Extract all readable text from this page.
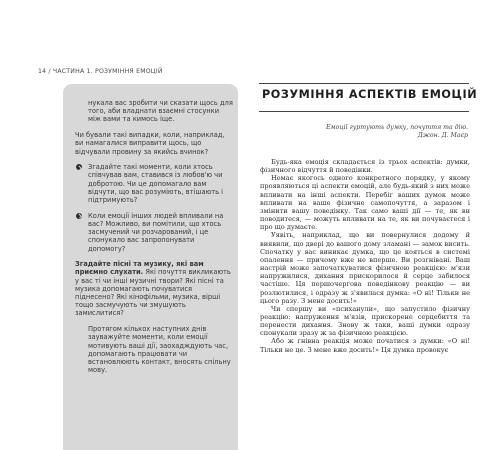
14 / ЧАСТИНА 1. РОЗУМІННЯ ЕМОЦІЙ
нукала вас зробити чи сказати щось для того, аби владнати взаємні стосунки між вами та кимось іще.
Чи бували такі випадки, коли, наприклад, ви намагалися виправити щось, що відчували провину за якийсь вчинок?
Згадайте такі моменти, коли хтось співчував вам, ставився із любов'ю чи добротою. Чи це допомагало вам відчути, що вас розуміють, втішають і підтримують?
Коли емоції інших людей впливали на вас? Можливо, ви помітили, що хтось засмучений чи розчарований, і це спонукало вас запропонувати допомогу?
Згадайте пісні та музику, які вам приємно слухати. Які почуття викликають у вас ті чи інші музичні твори? Які пісні та музика допомагають почуватися піднесено? Які кінофільми, музика, вірші тощо засмучують чи змушують замислитися?
Протягом кількох наступних днів зауважуйте моменти, коли емоції мотивують вашi дії, заохадждують час, допомагають працювати чи встановлюють контакт, вносять спільну мову.
РОЗУМІННЯ АСПЕКТІВ ЕМОЦІЙ
Емоції гуртують думку, почуття та дію.
Джон. Д. Маєр

Будь-яка емоція складається із трьох аспектів: думки, фізичного відчуття й поведінки.

Немає якогось одного конкретного порядку, у якому проявляються ці аспекти емоцій, але будь-який з них може впливати на інші аспекти. Перебіг ваших думок може впливати на ваше фізичне самопочуття, а заразом і змінити вашу поведінку. Так само ваші дії — те, як ви поводитеся, — можуть впливати на те, як ви почуваєтеся і про що думаєте.

Уявіть, наприклад, що ви повернулися додому й виявили, що двері до вашого дому зламані — замок висить. Спочатку у вас виникає думка, що це кояться в системі опалення — причому вже не вперше. Ви розгнівані. Ваш настрій може започаткуватися фізичною реакцією: м'язи напружилися, дихання прискорилося й серце забилося частіше. Ця першочергова поведінкову реакцію — ви розлютилися, і одразу ж з'явилася думка: «О ні! Тільки не цього разу. З мене досить!»

Чи спершу ви «психанули», що запустило фізичну реакцію: напруження м'язів, прискорене серцебиття та перенести дихання. Знову ж таки, вашi думки одразу спонукали зразу ж за фізичною реакцією.

Або ж гнівна реакція може початися з думки: «О ні! Тільки не це. З мене вже досить!» Ця думка провокує
